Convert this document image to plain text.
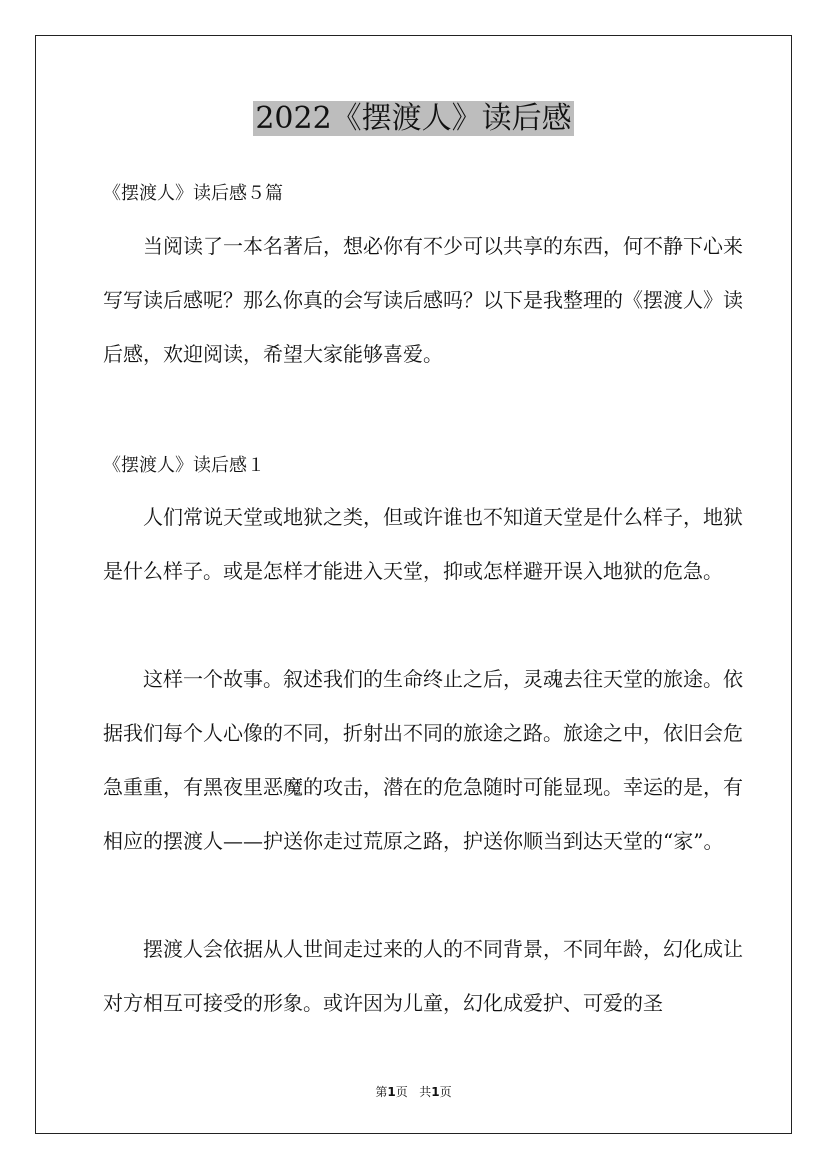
2022《摆渡人》读后感
《摆渡人》读后感５篇

当阅读了一本名著后，想必你有不少可以共享的东西，何不静下心来写写读后感呢？那么你真的会写读后感吗？以下是我整理的《摆渡人》读后感，欢迎阅读，希望大家能够喜爱。

《摆渡人》读后感１

人们常说天堂或地狱之类，但或许谁也不知道天堂是什么样子，地狱是什么样子。或是怎样才能进入天堂，抑或怎样避开误入地狱的危急。

这样一个故事。叙述我们的生命终止之后，灵魂去往天堂的旅途。依据我们每个人心像的不同，折射出不同的旅途之路。旅途之中，依旧会危急重重，有黑夜里恶魔的攻击，潜在的危急随时可能显现。幸运的是，有相应的摆渡人——护送你走过荒原之路，护送你顺当到达天堂的“家”。

摆渡人会依据从人世间走过来的人的不同背景，不同年龄，幻化成让对方相互可接受的形象。或许因为儿童，幻化成爱护、可爱的圣

第1页 共1页
